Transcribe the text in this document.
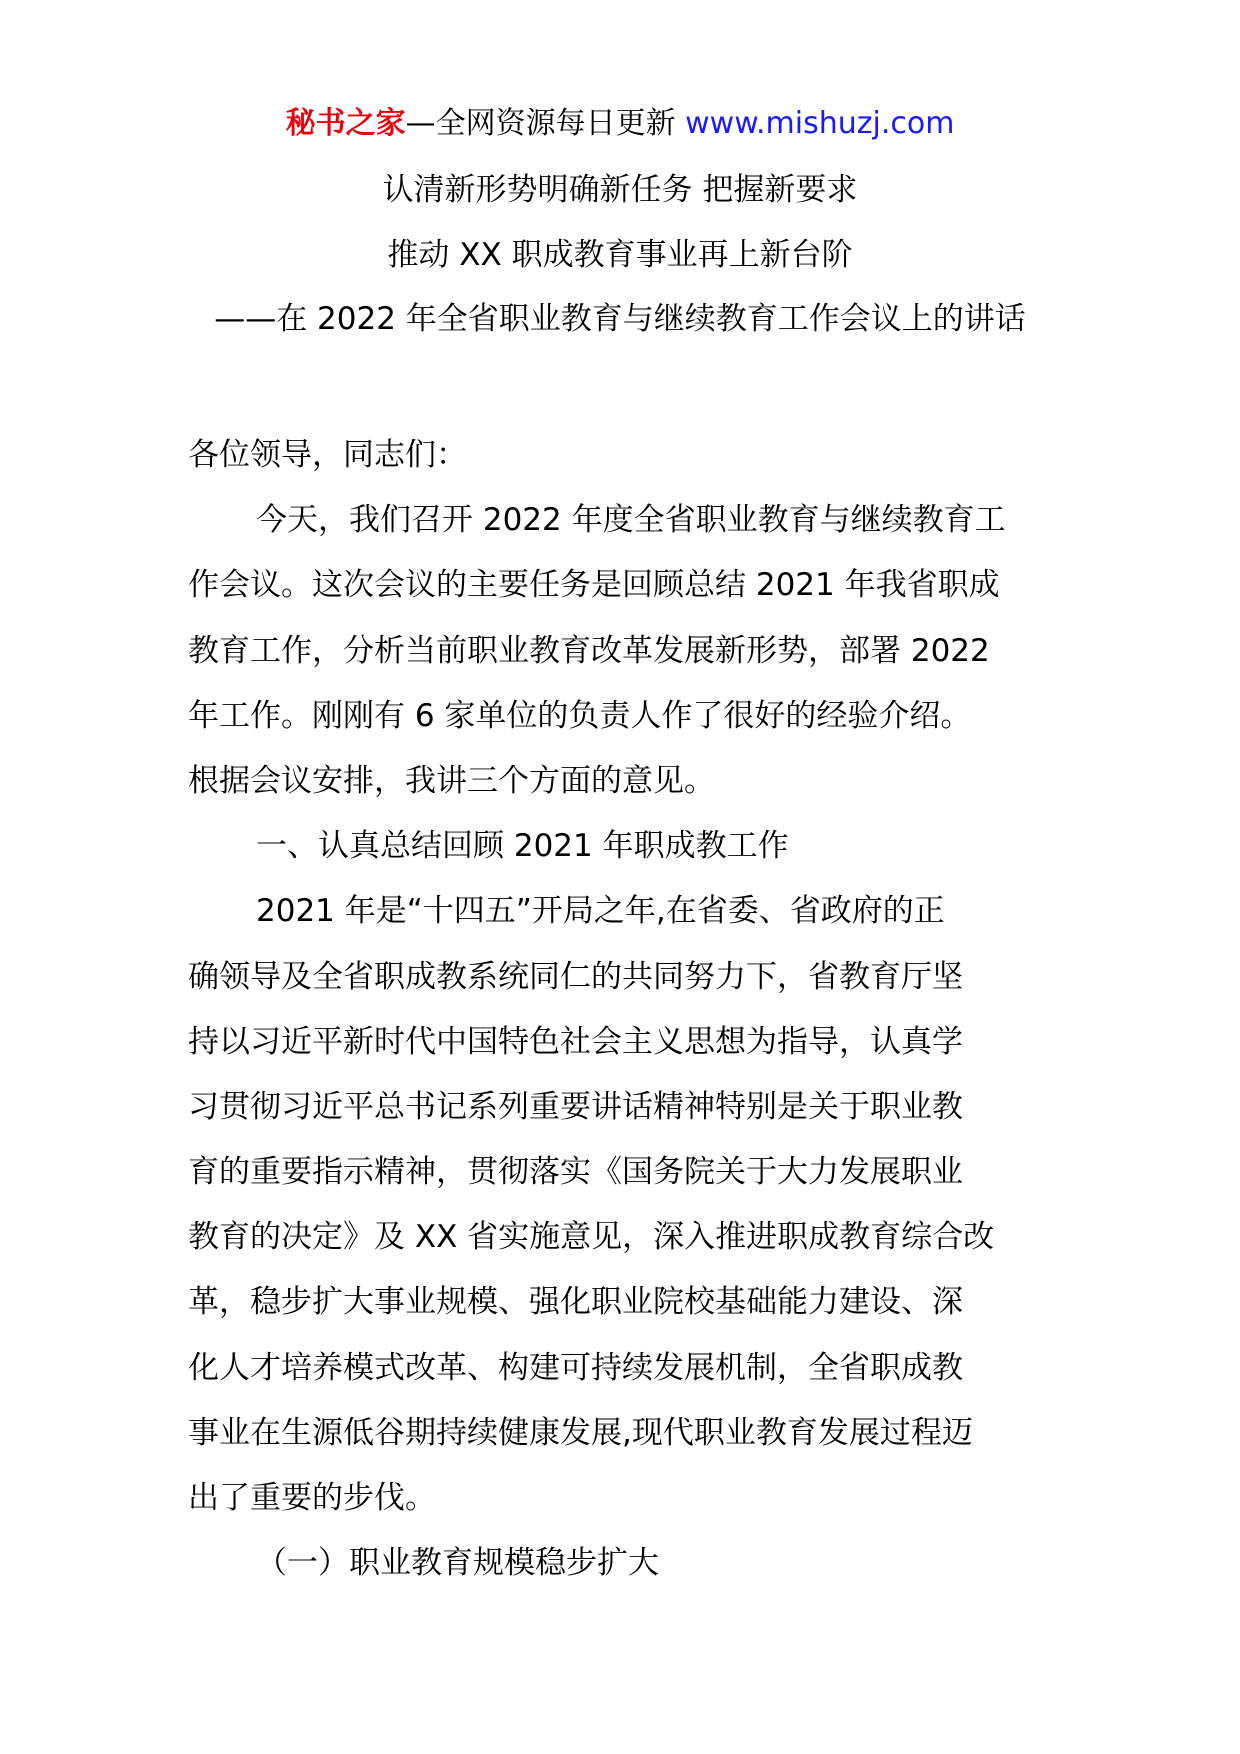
秘书之家—全网资源每日更新 www.mishuzj.com
认清新形势明确新任务 把握新要求
推动 XX 职成教育事业再上新台阶
——在 2022 年全省职业教育与继续教育工作会议上的讲话
各位领导，同志们：
今天，我们召开 2022 年度全省职业教育与继续教育工
作会议。这次会议的主要任务是回顾总结 2021 年我省职成
教育工作，分析当前职业教育改革发展新形势，部署 2022
年工作。刚刚有 6 家单位的负责人作了很好的经验介绍。
根据会议安排，我讲三个方面的意见。
一、认真总结回顾 2021 年职成教工作
2021 年是“十四五”开局之年,在省委、省政府的正
确领导及全省职成教系统同仁的共同努力下，省教育厅坚
持以习近平新时代中国特色社会主义思想为指导，认真学
习贯彻习近平总书记系列重要讲话精神特别是关于职业教
育的重要指示精神，贯彻落实《国务院关于大力发展职业
教育的决定》及 XX 省实施意见，深入推进职成教育综合改
革，稳步扩大事业规模、强化职业院校基础能力建设、深
化人才培养模式改革、构建可持续发展机制，全省职成教
事业在生源低谷期持续健康发展,现代职业教育发展过程迈
出了重要的步伐。
（一）职业教育规模稳步扩大
